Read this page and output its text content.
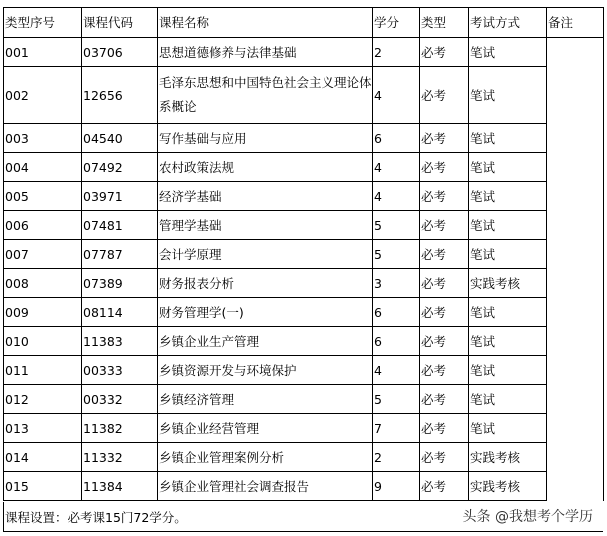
类型序号	课程代码	课程名称	学分	类型	考试方式	备注
001	03706	思想道德修养与法律基础	2	必考	笔试	
002	12656	毛泽东思想和中国特色社会主义理论体系概论	4	必考	笔试	
003	04540	写作基础与应用	6	必考	笔试	
004	07492	农村政策法规	4	必考	笔试	
005	03971	经济学基础	4	必考	笔试	
006	07481	管理学基础	5	必考	笔试	
007	07787	会计学原理	5	必考	笔试	
008	07389	财务报表分析	3	必考	实践考核	
009	08114	财务管理学(一)	6	必考	笔试	
010	11383	乡镇企业生产管理	6	必考	笔试	
011	00333	乡镇资源开发与环境保护	4	必考	笔试	
012	00332	乡镇经济管理	5	必考	笔试	
013	11382	乡镇企业经营管理	7	必考	笔试	
014	11332	乡镇企业管理案例分析	2	必考	实践考核	
015	11384	乡镇企业管理社会调查报告	9	必考	实践考核	
课程设置：必考课15门72学分。	头条 @我想考个学历
